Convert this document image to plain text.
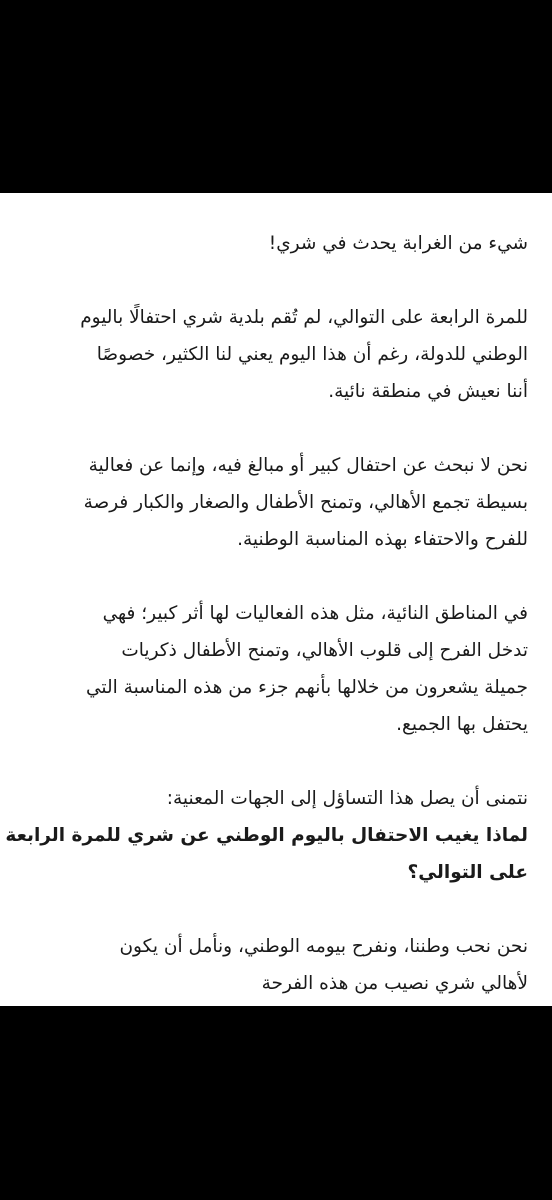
شيء من الغرابة يحدث في شري!

للمرة الرابعة على التوالي، لم تُقم بلدية شري احتفالًا باليوم
الوطني للدولة، رغم أن هذا اليوم يعني لنا الكثير، خصوصًا
أننا نعيش في منطقة نائية.

نحن لا نبحث عن احتفال كبير أو مبالغ فيه، وإنما عن فعالية
بسيطة تجمع الأهالي، وتمنح الأطفال والصغار والكبار فرصة
للفرح والاحتفاء بهذه المناسبة الوطنية.

في المناطق النائية، مثل هذه الفعاليات لها أثر كبير؛ فهي
تدخل الفرح إلى قلوب الأهالي، وتمنح الأطفال ذكريات
جميلة يشعرون من خلالها بأنهم جزء من هذه المناسبة التي
يحتفل بها الجميع.

نتمنى أن يصل هذا التساؤل إلى الجهات المعنية:
لماذا يغيب الاحتفال باليوم الوطني عن شري للمرة الرابعة
على التوالي؟

نحن نحب وطننا، ونفرح بيومه الوطني، ونأمل أن يكون
لأهالي شري نصيب من هذه الفرحة
